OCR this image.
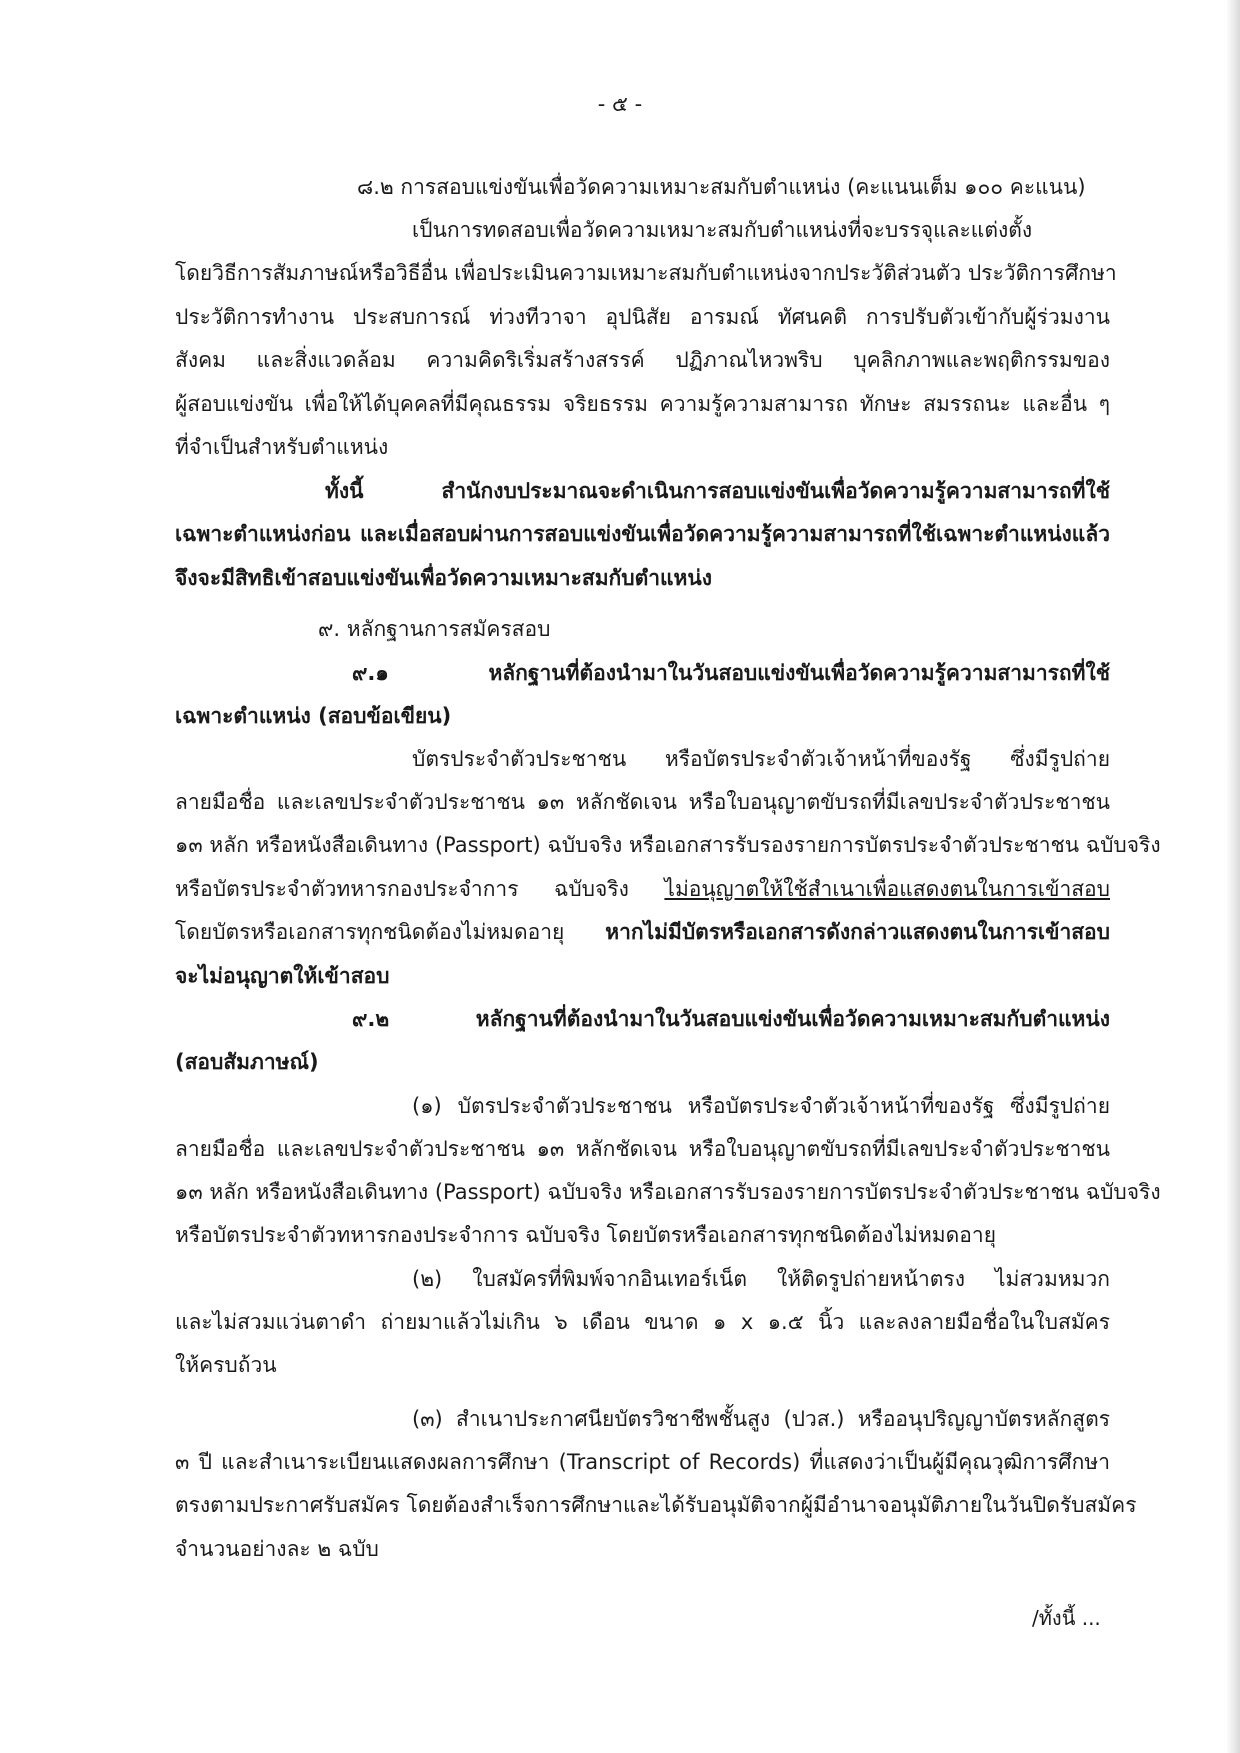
- ๕ -
๘.๒ การสอบแข่งขันเพื่อวัดความเหมาะสมกับตำแหน่ง (คะแนนเต็ม ๑๐๐ คะแนน)
เป็นการทดสอบเพื่อวัดความเหมาะสมกับตำแหน่งที่จะบรรจุและแต่งตั้ง
โดยวิธีการสัมภาษณ์หรือวิธีอื่น เพื่อประเมินความเหมาะสมกับตำแหน่งจากประวัติส่วนตัว ประวัติการศึกษา
ประวัติการทำงาน ประสบการณ์ ท่วงทีวาจา อุปนิสัย อารมณ์ ทัศนคติ การปรับตัวเข้ากับผู้ร่วมงาน
สังคม และสิ่งแวดล้อม ความคิดริเริ่มสร้างสรรค์ ปฏิภาณไหวพริบ บุคลิกภาพและพฤติกรรมของ
ผู้สอบแข่งขัน เพื่อให้ได้บุคคลที่มีคุณธรรม จริยธรรม ความรู้ความสามารถ ทักษะ สมรรถนะ และอื่น ๆ
ที่จำเป็นสำหรับตำแหน่ง
ทั้งนี้ สำนักงบประมาณจะดำเนินการสอบแข่งขันเพื่อวัดความรู้ความสามารถที่ใช้
เฉพาะตำแหน่งก่อน และเมื่อสอบผ่านการสอบแข่งขันเพื่อวัดความรู้ความสามารถที่ใช้เฉพาะตำแหน่งแล้ว
จึงจะมีสิทธิเข้าสอบแข่งขันเพื่อวัดความเหมาะสมกับตำแหน่ง
๙. หลักฐานการสมัครสอบ
๙.๑ หลักฐานที่ต้องนำมาในวันสอบแข่งขันเพื่อวัดความรู้ความสามารถที่ใช้
เฉพาะตำแหน่ง (สอบข้อเขียน)
บัตรประจำตัวประชาชน หรือบัตรประจำตัวเจ้าหน้าที่ของรัฐ ซึ่งมีรูปถ่าย
ลายมือชื่อ และเลขประจำตัวประชาชน ๑๓ หลักชัดเจน หรือใบอนุญาตขับรถที่มีเลขประจำตัวประชาชน
๑๓ หลัก หรือหนังสือเดินทาง (Passport) ฉบับจริง หรือเอกสารรับรองรายการบัตรประจำตัวประชาชน ฉบับจริง
หรือบัตรประจำตัวทหารกองประจำการ ฉบับจริง ไม่อนุญาตให้ใช้สำเนาเพื่อแสดงตนในการเข้าสอบ
โดยบัตรหรือเอกสารทุกชนิดต้องไม่หมดอายุ หากไม่มีบัตรหรือเอกสารดังกล่าวแสดงตนในการเข้าสอบ
จะไม่อนุญาตให้เข้าสอบ
๙.๒ หลักฐานที่ต้องนำมาในวันสอบแข่งขันเพื่อวัดความเหมาะสมกับตำแหน่ง
(สอบสัมภาษณ์)
(๑) บัตรประจำตัวประชาชน หรือบัตรประจำตัวเจ้าหน้าที่ของรัฐ ซึ่งมีรูปถ่าย
ลายมือชื่อ และเลขประจำตัวประชาชน ๑๓ หลักชัดเจน หรือใบอนุญาตขับรถที่มีเลขประจำตัวประชาชน
๑๓ หลัก หรือหนังสือเดินทาง (Passport) ฉบับจริง หรือเอกสารรับรองรายการบัตรประจำตัวประชาชน ฉบับจริง
หรือบัตรประจำตัวทหารกองประจำการ ฉบับจริง โดยบัตรหรือเอกสารทุกชนิดต้องไม่หมดอายุ
(๒) ใบสมัครที่พิมพ์จากอินเทอร์เน็ต ให้ติดรูปถ่ายหน้าตรง ไม่สวมหมวก
และไม่สวมแว่นตาดำ ถ่ายมาแล้วไม่เกิน ๖ เดือน ขนาด ๑ x ๑.๕ นิ้ว และลงลายมือชื่อในใบสมัคร
ให้ครบถ้วน
(๓) สำเนาประกาศนียบัตรวิชาชีพชั้นสูง (ปวส.) หรืออนุปริญญาบัตรหลักสูตร
๓ ปี และสำเนาระเบียนแสดงผลการศึกษา (Transcript of Records) ที่แสดงว่าเป็นผู้มีคุณวุฒิการศึกษา
ตรงตามประกาศรับสมัคร โดยต้องสำเร็จการศึกษาและได้รับอนุมัติจากผู้มีอำนาจอนุมัติภายในวันปิดรับสมัคร
จำนวนอย่างละ ๒ ฉบับ
/ทั้งนี้ ...
